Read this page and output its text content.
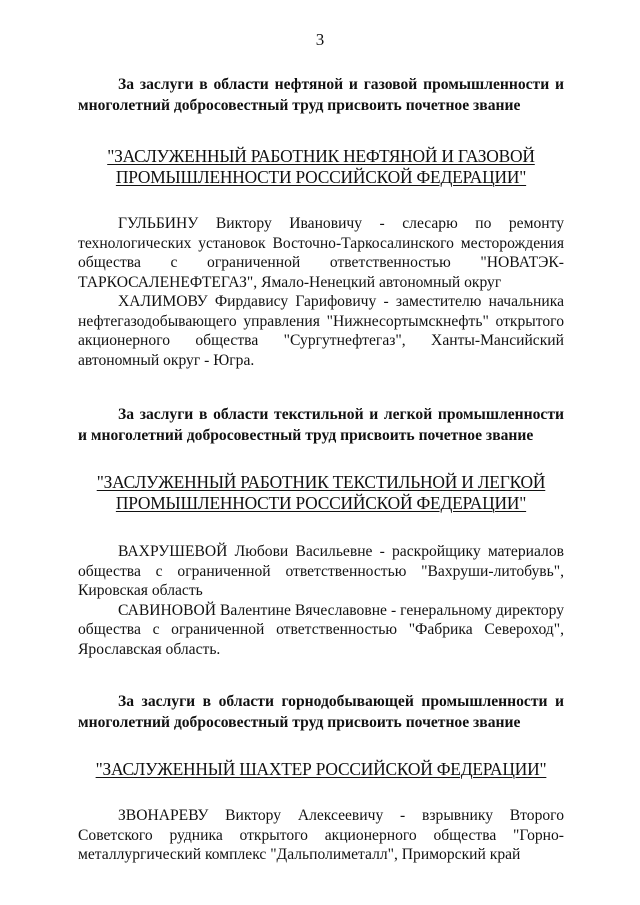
3

За заслуги в области нефтяной и газовой промышленности и многолетний добросовестный труд присвоить почетное звание

"ЗАСЛУЖЕННЫЙ РАБОТНИК НЕФТЯНОЙ И ГАЗОВОЙ
ПРОМЫШЛЕННОСТИ РОССИЙСКОЙ ФЕДЕРАЦИИ"

ГУЛЬБИНУ Виктору Ивановичу - слесарю по ремонту технологических установок Восточно-Таркосалинского месторождения общества с ограниченной ответственностью "НОВАТЭК-ТАРКОСАЛЕНЕФТЕГАЗ", Ямало-Ненецкий автономный округ

ХАЛИМОВУ Фирдавису Гарифовичу - заместителю начальника нефтегазодобывающего управления "Нижнесортымскнефть" открытого акционерного общества "Сургутнефтегаз", Ханты-Мансийский автономный округ - Югра.

За заслуги в области текстильной и легкой промышленности и многолетний добросовестный труд присвоить почетное звание

"ЗАСЛУЖЕННЫЙ РАБОТНИК ТЕКСТИЛЬНОЙ И ЛЕГКОЙ
ПРОМЫШЛЕННОСТИ РОССИЙСКОЙ ФЕДЕРАЦИИ"

ВАХРУШЕВОЙ Любови Васильевне - раскройщику материалов общества с ограниченной ответственностью "Вахруши-литобувь", Кировская область

САВИНОВОЙ Валентине Вячеславовне - генеральному директору общества с ограниченной ответственностью "Фабрика Североход", Ярославская область.

За заслуги в области горнодобывающей промышленности и многолетний добросовестный труд присвоить почетное звание

"ЗАСЛУЖЕННЫЙ ШАХТЕР РОССИЙСКОЙ ФЕДЕРАЦИИ"

ЗВОНАРЕВУ Виктору Алексеевичу - взрывнику Второго Советского рудника открытого акционерного общества "Горно-металлургический комплекс "Дальполиметалл", Приморский край
